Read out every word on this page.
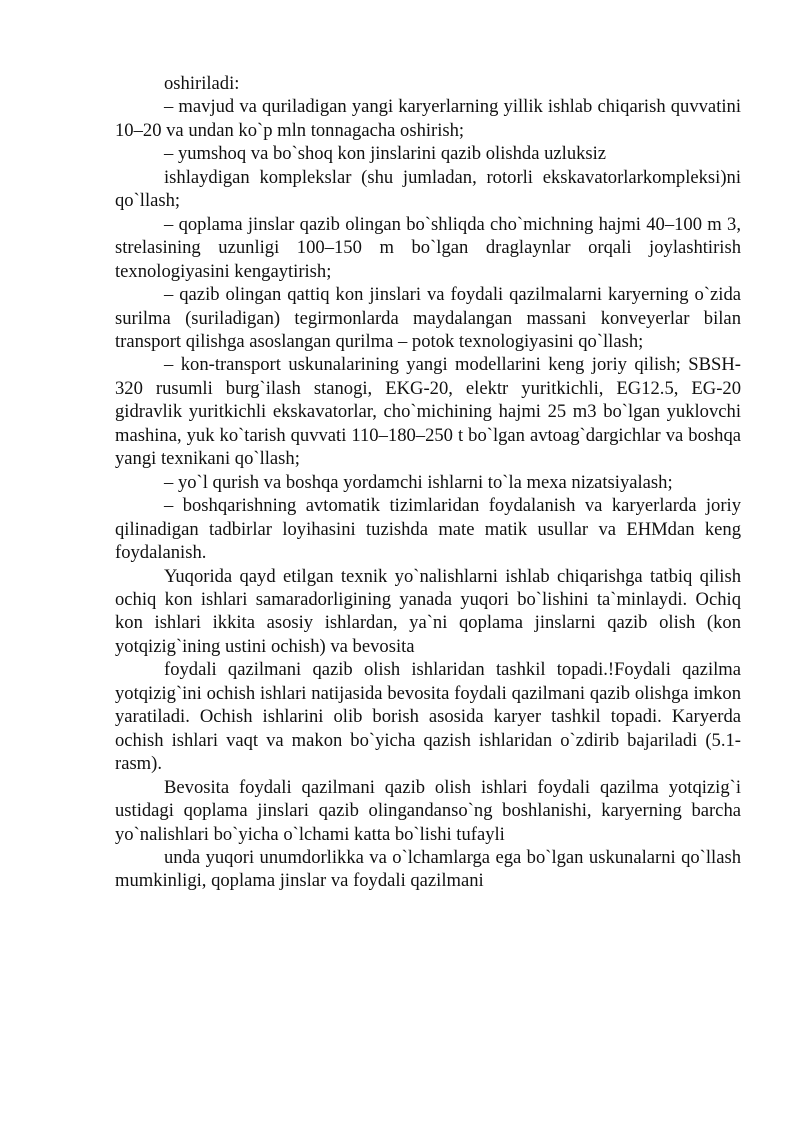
oshiriladi:

– mavjud va quriladigan yangi karyerlarning yillik ishlab chiqarish quvvatini 10–20 va undan ko`p mln tonnagacha oshirish;

– yumshoq va bo`shoq kon jinslarini qazib olishda uzluksiz

ishlaydigan komplekslar (shu jumladan, rotorli ekskavatorlarkompleksi)ni qo`llash;

– qoplama jinslar qazib olingan bo`shliqda cho`michning hajmi 40–100 m 3, strelasining uzunligi 100–150 m bo`lgan draglaynlar orqali joylashtirish texnologiyasini kengaytirish;

– qazib olingan qattiq kon jinslari va foydali qazilmalarni karyerning o`zida surilma (suriladigan) tegirmonlarda maydalangan massani konveyerlar bilan transport qilishga asoslangan qurilma – potok texnologiyasini qo`llash;

– kon-transport uskunalarining yangi modellarini keng joriy qilish; SBSH-320 rusumli burg`ilash stanogi, EKG-20, elektr yuritkichli, EG12.5, EG-20 gidravlik yuritkichli ekskavatorlar, cho`michining hajmi 25 m3 bo`lgan yuklovchi mashina, yuk ko`tarish quvvati 110–180–250 t bo`lgan avtoag`dargichlar va boshqa yangi texnikani qo`llash;

– yo`l qurish va boshqa yordamchi ishlarni to`la mexa nizatsiyalash;

– boshqarishning avtomatik tizimlaridan foydalanish va karyerlarda joriy qilinadigan tadbirlar loyihasini tuzishda mate matik usullar va EHMdan keng foydalanish.

Yuqorida qayd etilgan texnik yo`nalishlarni ishlab chiqarishga tatbiq qilish ochiq kon ishlari samaradorligining yanada yuqori bo`lishini ta`minlaydi. Ochiq kon ishlari ikkita asosiy ishlardan, ya`ni qoplama jinslarni qazib olish (kon yotqizig`ining ustini ochish) va bevosita

foydali qazilmani qazib olish ishlaridan tashkil topadi.!Foydali qazilma yotqizig`ini ochish ishlari natijasida bevosita foydali qazilmani qazib olishga imkon yaratiladi. Ochish ishlarini olib borish asosida karyer tashkil topadi. Karyerda ochish ishlari vaqt va makon bo`yicha qazish ishlaridan o`zdirib bajariladi (5.1- rasm).

Bevosita foydali qazilmani qazib olish ishlari foydali qazilma yotqizig`i ustidagi qoplama jinslari qazib olingandanso`ng boshlanishi, karyerning barcha yo`nalishlari bo`yicha o`lchami katta bo`lishi tufayli

unda yuqori unumdorlikka va o`lchamlarga ega bo`lgan uskunalarni qo`llash mumkinligi, qoplama jinslar va foydali qazilmani
